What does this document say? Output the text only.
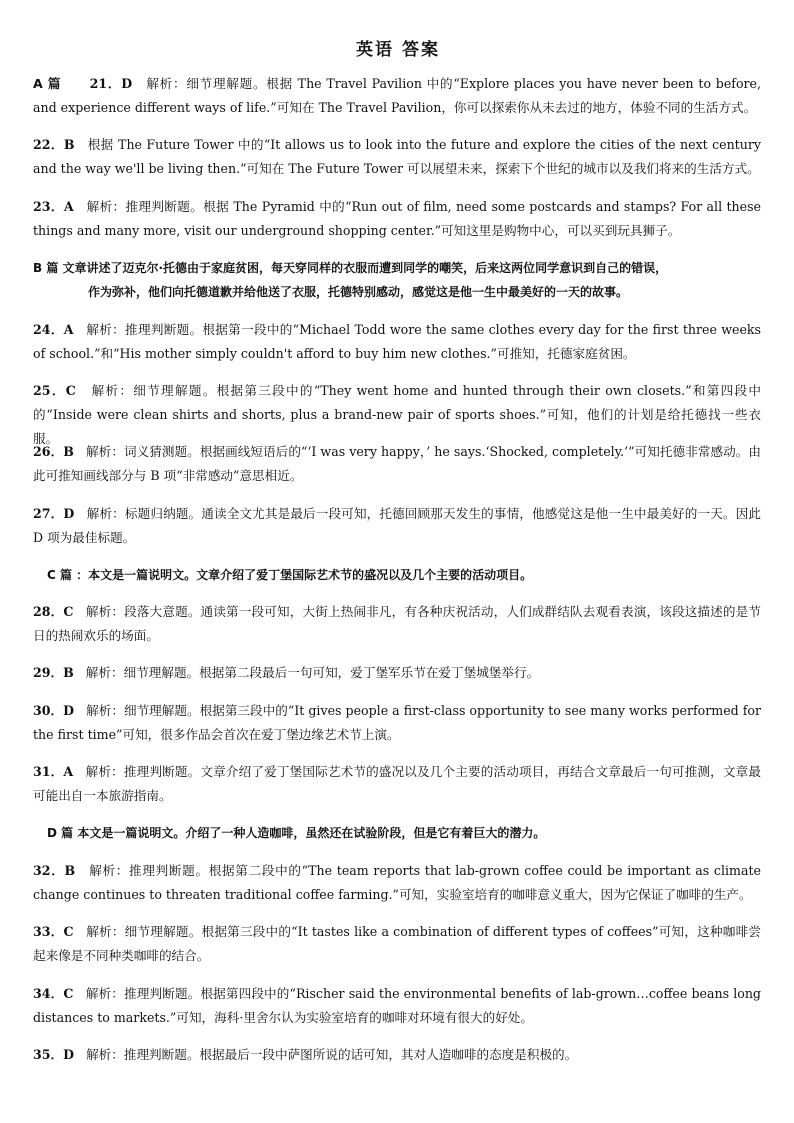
英语 答案
A 篇 21．D 解析：细节理解题。根据 The Travel Pavilion 中的“Explore places you have never been to before, and experience different ways of life.”可知在 The Travel Pavilion，你可以探索你从未去过的地方，体验不同的生活方式。
22．B 根据 The Future Tower 中的“It allows us to look into the future and explore the cities of the next century and the way we'll be living then.”可知在 The Future Tower 可以展望未来，探索下个世纪的城市以及我们将来的生活方式。
23．A 解析：推理判断题。根据 The Pyramid 中的“Run out of film, need some postcards and stamps? For all these things and many more, visit our underground shopping center.”可知这里是购物中心，可以买到玩具狮子。
B 篇 文章讲述了迈克尔·托德由于家庭贫困，每天穿同样的衣服而遭到同学的嘲笑，后来这两位同学意识到自己的错误，
作为弥补，他们向托德道歉并给他送了衣服，托德特别感动，感觉这是他一生中最美好的一天的故事。
24．A 解析：推理判断题。根据第一段中的“Michael Todd wore the same clothes every day for the first three weeks of school.”和“His mother simply couldn't afford to buy him new clothes.”可推知，托德家庭贫困。
25．C 解析：细节理解题。根据第三段中的“They went home and hunted through their own closets.”和第四段中的“Inside were clean shirts and shorts, plus a brand-new pair of sports shoes.”可知，他们的计划是给托德找一些衣服。
26．B 解析：词义猜测题。根据画线短语后的“‘I was very happy，’ he says.‘Shocked, completely.’”可知托德非常感动。由此可推知画线部分与 B 项“非常感动”意思相近。
27．D 解析：标题归纳题。通读全文尤其是最后一段可知，托德回顾那天发生的事情，他感觉这是他一生中最美好的一天。因此 D 项为最佳标题。
C 篇 ：本文是一篇说明文。文章介绍了爱丁堡国际艺术节的盛况以及几个主要的活动项目。
28．C 解析：段落大意题。通读第一段可知，大街上热闹非凡，有各种庆祝活动，人们成群结队去观看表演，该段这描述的是节日的热闹欢乐的场面。
29．B 解析：细节理解题。根据第二段最后一句可知，爱丁堡军乐节在爱丁堡城堡举行。
30．D 解析：细节理解题。根据第三段中的“It gives people a first-class opportunity to see many works performed for the first time”可知，很多作品会首次在爱丁堡边缘艺术节上演。
31．A 解析：推理判断题。文章介绍了爱丁堡国际艺术节的盛况以及几个主要的活动项目，再结合文章最后一句可推测，文章最可能出自一本旅游指南。
D 篇 本文是一篇说明文。介绍了一种人造咖啡，虽然还在试验阶段，但是它有着巨大的潜力。
32．B 解析：推理判断题。根据第二段中的“The team reports that lab-grown coffee could be important as climate change continues to threaten traditional coffee farming.”可知，实验室培育的咖啡意义重大，因为它保证了咖啡的生产。
33．C 解析：细节理解题。根据第三段中的“It tastes like a combination of different types of coffees”可知，这种咖啡尝起来像是不同种类咖啡的结合。
34．C 解析：推理判断题。根据第四段中的“Rischer said the environmental benefits of lab-grown…coffee beans long distances to markets.”可知，海科·里舍尔认为实验室培育的咖啡对环境有很大的好处。
35．D 解析：推理判断题。根据最后一段中萨图所说的话可知，其对人造咖啡的态度是积极的。
